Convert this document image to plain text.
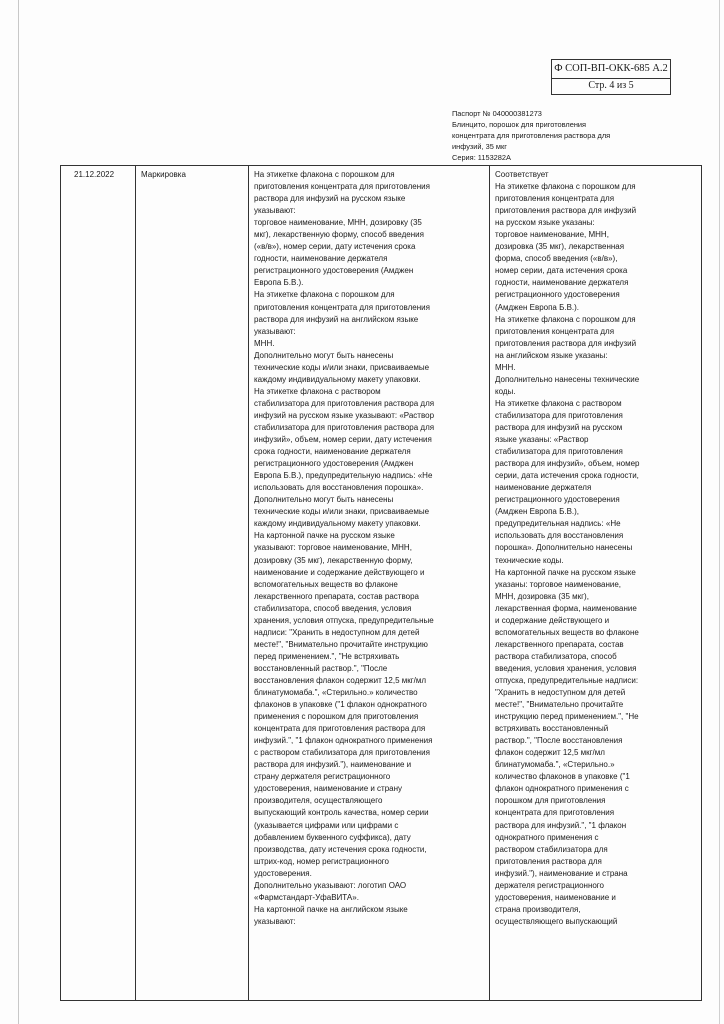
Ф СОП-ВП-ОКК-685 А.2
Стр. 4 из 5
Паспорт № 040000381273
Блинцито, порошок для приготовления
концентрата для приготовления раствора для
инфузий, 35 мкг
Серия: 1153282А
21.12.2022	Маркировка	На этикетке флакона с порошком для
приготовления концентрата для приготовления
раствора для инфузий на русском языке
указывают:
торговое наименование, МНН, дозировку (35
мкг), лекарственную форму, способ введения
(«в/в»), номер серии, дату истечения срока
годности, наименование держателя
регистрационного удостоверения (Амджен
Европа Б.В.).
На этикетке флакона с порошком для
приготовления концентрата для приготовления
раствора для инфузий на английском языке
указывают:
МНН.
Дополнительно могут быть нанесены
технические коды и/или знаки, присваиваемые
каждому индивидуальному макету упаковки.
На этикетке флакона с раствором
стабилизатора для приготовления раствора для
инфузий на русском языке указывают: «Раствор
стабилизатора для приготовления раствора для
инфузий», объем, номер серии, дату истечения
срока годности, наименование держателя
регистрационного удостоверения (Амджен
Европа Б.В.), предупредительную надпись: «Не
использовать для восстановления порошка».
Дополнительно могут быть нанесены
технические коды и/или знаки, присваиваемые
каждому индивидуальному макету упаковки.
На картонной пачке на русском языке
указывают: торговое наименование, МНН,
дозировку (35 мкг), лекарственную форму,
наименование и содержание действующего и
вспомогательных веществ во флаконе
лекарственного препарата, состав раствора
стабилизатора, способ введения, условия
хранения, условия отпуска, предупредительные
надписи: "Хранить в недоступном для детей
месте!", "Внимательно прочитайте инструкцию
перед применением.", "Не встряхивать
восстановленный раствор.", "После
восстановления флакон содержит 12,5 мкг/мл
блинатумомаба.", «Стерильно.» количество
флаконов в упаковке ("1 флакон однократного
применения с порошком для приготовления
концентрата для приготовления раствора для
инфузий.", "1 флакон однократного применения
с раствором стабилизатора для приготовления
раствора для инфузий."), наименование и
страну держателя регистрационного
удостоверения, наименование и страну
производителя, осуществляющего
выпускающий контроль качества, номер серии
(указывается цифрами или цифрами с
добавлением буквенного суффикса), дату
производства, дату истечения срока годности,
штрих-код, номер регистрационного
удостоверения.
Дополнительно указывают: логотип ОАО
«Фармстандарт-УфаВИТА».
На картонной пачке на английском языке
указывают:
Соответствует
На этикетке флакона с порошком для
приготовления концентрата для
приготовления раствора для инфузий
на русском языке указаны:
торговое наименование, МНН,
дозировка (35 мкг), лекарственная
форма, способ введения («в/в»),
номер серии, дата истечения срока
годности, наименование держателя
регистрационного удостоверения
(Амджен Европа Б.В.).
На этикетке флакона с порошком для
приготовления концентрата для
приготовления раствора для инфузий
на английском языке указаны:
МНН.
Дополнительно нанесены технические
коды.
На этикетке флакона с раствором
стабилизатора для приготовления
раствора для инфузий на русском
языке указаны: «Раствор
стабилизатора для приготовления
раствора для инфузий», объем, номер
серии, дата истечения срока годности,
наименование держателя
регистрационного удостоверения
(Амджен Европа Б.В.),
предупредительная надпись: «Не
использовать для восстановления
порошка». Дополнительно нанесены
технические коды.
На картонной пачке на русском языке
указаны: торговое наименование,
МНН, дозировка (35 мкг),
лекарственная форма, наименование
и содержание действующего и
вспомогательных веществ во флаконе
лекарственного препарата, состав
раствора стабилизатора, способ
введения, условия хранения, условия
отпуска, предупредительные надписи:
"Хранить в недоступном для детей
месте!", "Внимательно прочитайте
инструкцию перед применением.", "Не
встряхивать восстановленный
раствор.", "После восстановления
флакон содержит 12,5 мкг/мл
блинатумомаба.", «Стерильно.»
количество флаконов в упаковке ("1
флакон однократного применения с
порошком для приготовления
концентрата для приготовления
раствора для инфузий.", "1 флакон
однократного применения с
раствором стабилизатора для
приготовления раствора для
инфузий."), наименование и страна
держателя регистрационного
удостоверения, наименование и
страна производителя,
осуществляющего выпускающий
